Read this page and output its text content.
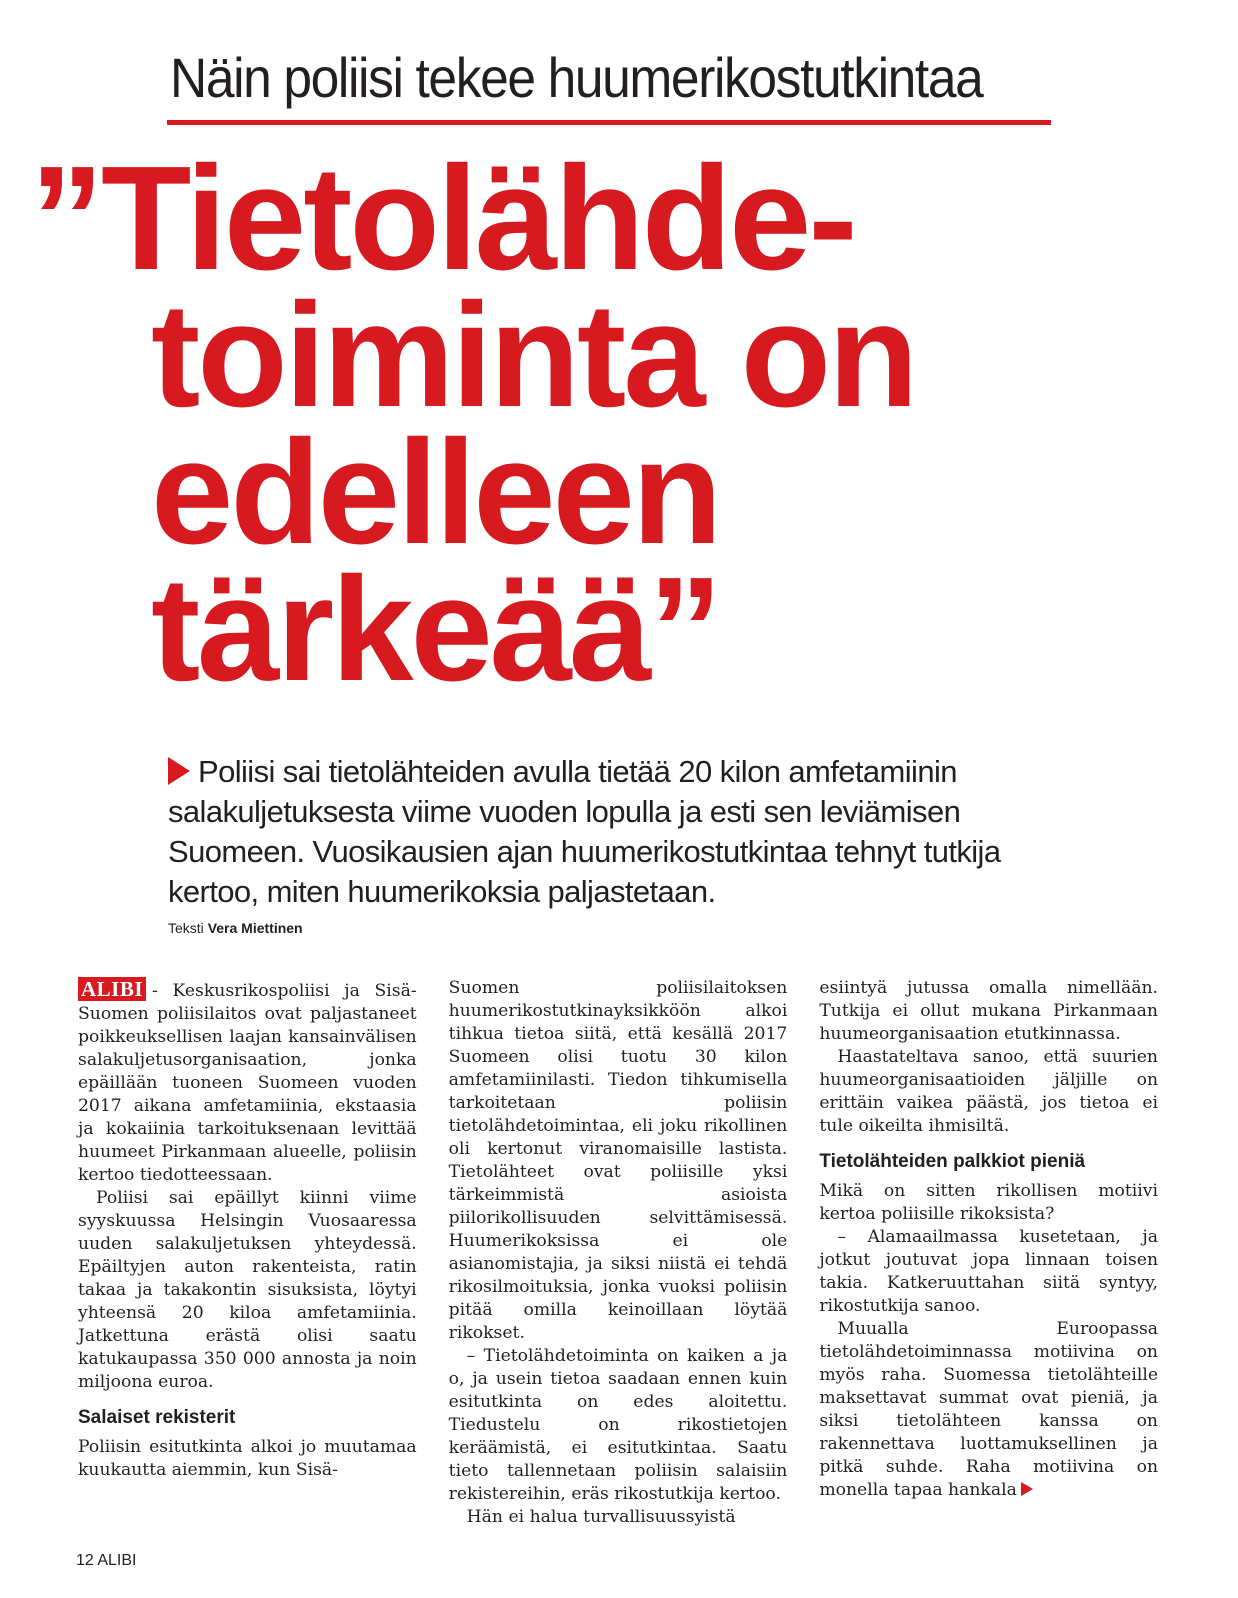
Näin poliisi tekee huumerikostutkintaa
”Tietolähde-
toiminta on
edelleen
tärkeää”
Poliisi sai tietolähteiden avulla tietää 20 kilon amfetamiinin salakuljetuksesta viime vuoden lopulla ja esti sen leviämisen Suomeen. Vuosikausien ajan huumerikostutkintaa tehnyt tutkija kertoo, miten huumerikoksia paljastetaan.
Teksti Vera Miettinen

ALIBI - Keskusrikospoliisi ja Sisä-Suomen poliisilaitos ovat paljastaneet poikkeuksellisen laajan kansainvälisen salakuljetusorganisaation, jonka epäillään tuoneen Suomeen vuoden 2017 aikana amfetamiinia, ekstaasia ja kokaiinia tarkoituksenaan levittää huumeet Pirkanmaan alueelle, poliisin kertoo tiedotteessaan.

Poliisi sai epäillyt kiinni viime syyskuussa Helsingin Vuosaaressa uuden salakuljetuksen yhteydessä. Epäiltyjen auton rakenteista, ratin takaa ja takakontin sisuksista, löytyi yhteensä 20 kiloa amfetamiinia. Jatkettuna erästä olisi saatu katukaupassa 350 000 annosta ja noin miljoona euroa.

Salaiset rekisterit

Poliisin esitutkinta alkoi jo muutamaa kuukautta aiemmin, kun Sisä-

Suomen poliisilaitoksen huumerikostutkinayksikköön alkoi tihkua tietoa siitä, että kesällä 2017 Suomeen olisi tuotu 30 kilon amfetamiinilasti. Tiedon tihkumisella tarkoitetaan poliisin tietolähdetoimintaa, eli joku rikollinen oli kertonut viranomaisille lastista. Tietolähteet ovat poliisille yksi tärkeimmistä asioista piilorikollisuuden selvittämisessä. Huumerikoksissa ei ole asianomistajia, ja siksi niistä ei tehdä rikosilmoituksia, jonka vuoksi poliisin pitää omilla keinoillaan löytää rikokset.

– Tietolähdetoiminta on kaiken a ja o, ja usein tietoa saadaan ennen kuin esitutkinta on edes aloitettu. Tiedustelu on rikostietojen keräämistä, ei esitutkintaa. Saatu tieto tallennetaan poliisin salaisiin rekistereihin, eräs rikostutkija kertoo.

Hän ei halua turvallisuussyistä

esiintyä jutussa omalla nimellään. Tutkija ei ollut mukana Pirkanmaan huumeorganisaation etutkinnassa.

Haastateltava sanoo, että suurien huumeorganisaatioiden jäljille on erittäin vaikea päästä, jos tietoa ei tule oikeilta ihmisiltä.

Tietolähteiden palkkiot pieniä

Mikä on sitten rikollisen motiivi kertoa poliisille rikoksista?

– Alamaailmassa kusetetaan, ja jotkut joutuvat jopa linnaan toisen takia. Katkeruuttahan siitä syntyy, rikostutkija sanoo.

Muualla Euroopassa tietolähdetoiminnassa motiivina on myös raha. Suomessa tietolähteille maksettavat summat ovat pieniä, ja siksi tietolähteen kanssa on rakennettava luottamuksellinen ja pitkä suhde. Raha motiivina on monella tapaa hankala

12 ALIBI
